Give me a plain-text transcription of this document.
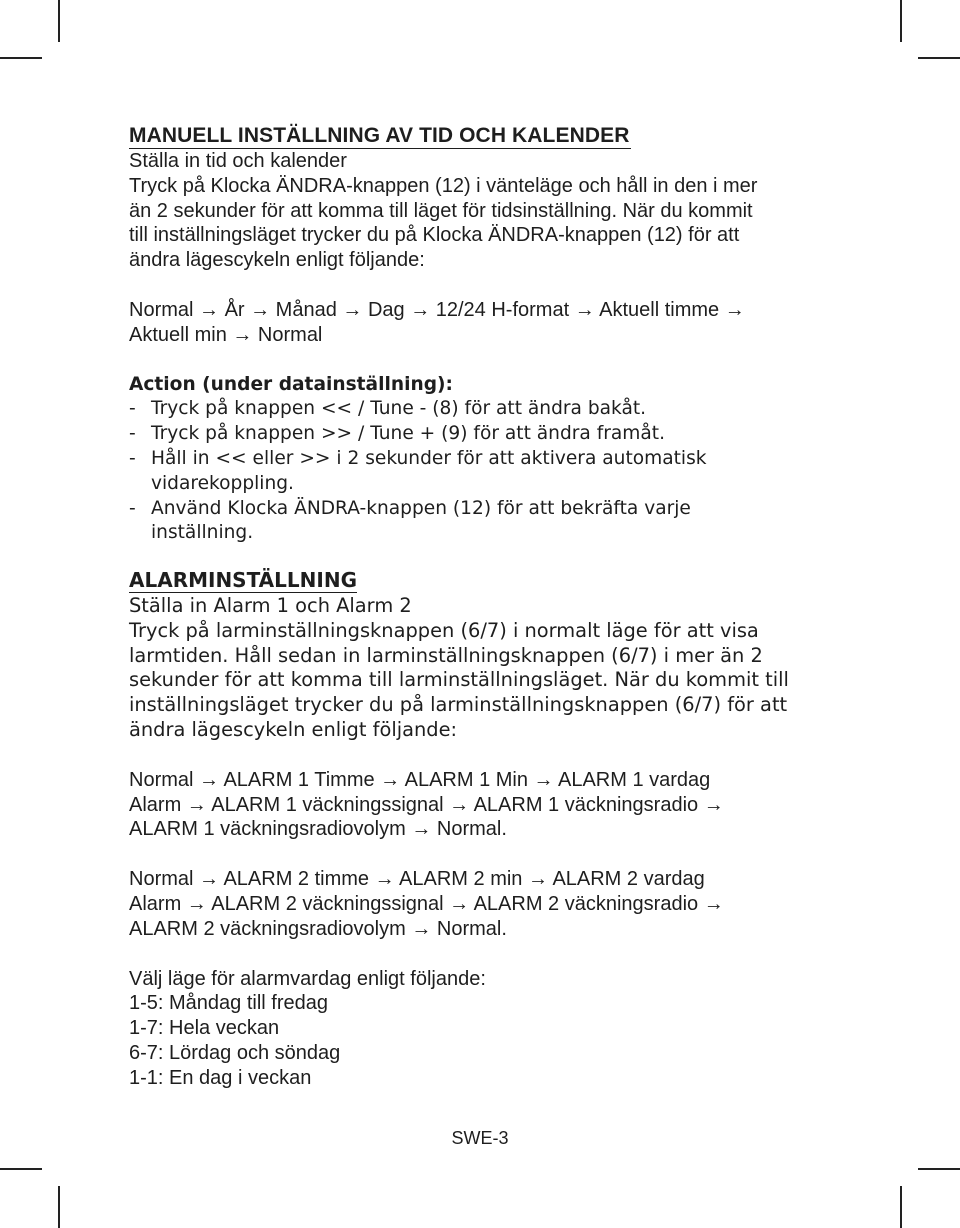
MANUELL INSTÄLLNING AV TID OCH KALENDER

Ställa in tid och kalender

Tryck på Klocka ÄNDRA-knappen (12) i vänteläge och håll in den i mer

än 2 sekunder för att komma till läget för tidsinställning. När du kommit

till inställningsläget trycker du på Klocka ÄNDRA-knappen (12) för att

ändra lägescykeln enligt följande:

Normal → År → Månad → Dag → 12/24 H-format → Aktuell timme →

Aktuell min → Normal

Action (under datainställning):

- Tryck på knappen << / Tune - (8) för att ändra bakåt.

- Tryck på knappen >> / Tune + (9) för att ändra framåt.

- Håll in << eller >> i 2 sekunder för att aktivera automatisk

vidarekoppling.

- Använd Klocka ÄNDRA-knappen (12) för att bekräfta varje

inställning.

ALARMINSTÄLLNING

Ställa in Alarm 1 och Alarm 2

Tryck på larminställningsknappen (6/7) i normalt läge för att visa

larmtiden. Håll sedan in larminställningsknappen (6/7) i mer än 2

sekunder för att komma till larminställningsläget. När du kommit till

inställningsläget trycker du på larminställningsknappen (6/7) för att

ändra lägescykeln enligt följande:

Normal → ALARM 1 Timme → ALARM 1 Min → ALARM 1 vardag

Alarm → ALARM 1 väckningssignal → ALARM 1 väckningsradio →

ALARM 1 väckningsradiovolym → Normal.

Normal → ALARM 2 timme → ALARM 2 min → ALARM 2 vardag

Alarm → ALARM 2 väckningssignal → ALARM 2 väckningsradio →

ALARM 2 väckningsradiovolym → Normal.

Välj läge för alarmvardag enligt följande:

1-5: Måndag till fredag

1-7: Hela veckan

6-7: Lördag och söndag

1-1: En dag i veckan

SWE-3
